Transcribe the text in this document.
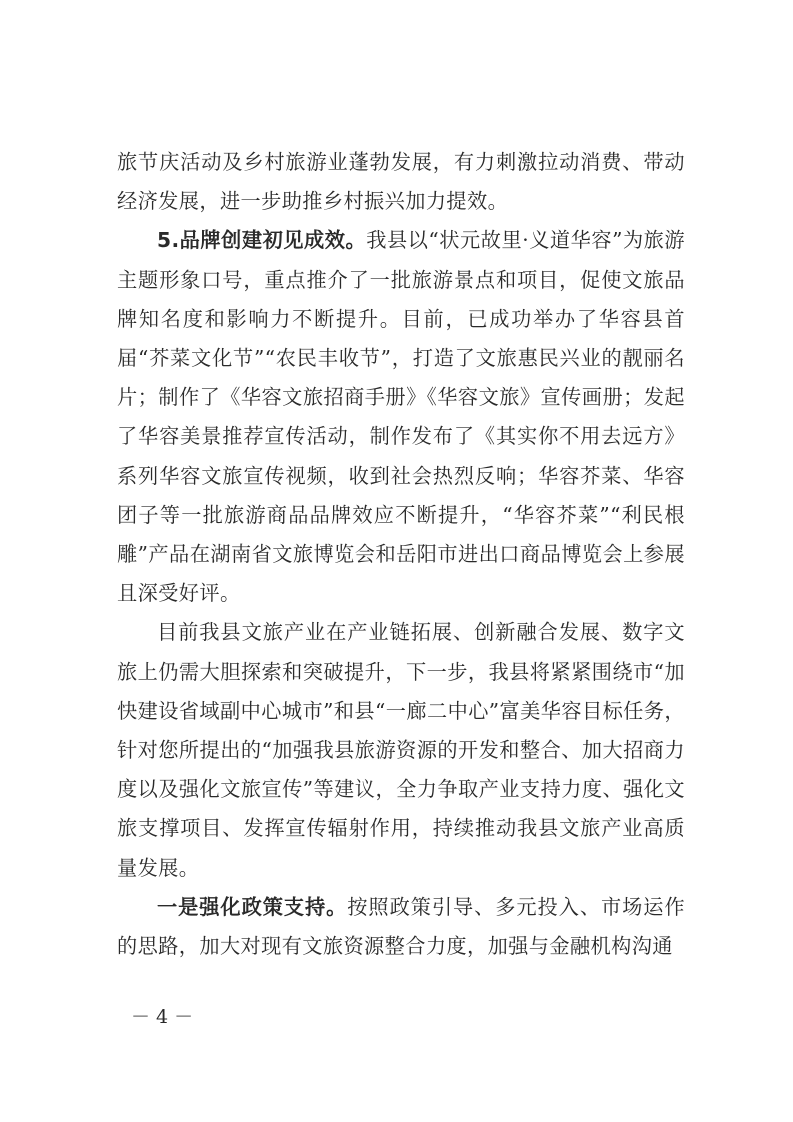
旅节庆活动及乡村旅游业蓬勃发展，有力刺激拉动消费、带动经济发展，进一步助推乡村振兴加力提效。

5.品牌创建初见成效。我县以“状元故里·义道华容”为旅游主题形象口号，重点推介了一批旅游景点和项目，促使文旅品牌知名度和影响力不断提升。目前，已成功举办了华容县首届“芥菜文化节”“农民丰收节”，打造了文旅惠民兴业的靓丽名片；制作了《华容文旅招商手册》《华容文旅》宣传画册；发起了华容美景推荐宣传活动，制作发布了《其实你不用去远方》系列华容文旅宣传视频，收到社会热烈反响；华容芥菜、华容团子等一批旅游商品品牌效应不断提升，“华容芥菜”“利民根雕”产品在湖南省文旅博览会和岳阳市进出口商品博览会上参展且深受好评。

目前我县文旅产业在产业链拓展、创新融合发展、数字文旅上仍需大胆探索和突破提升，下一步，我县将紧紧围绕市“加快建设省域副中心城市”和县“一廊二中心”富美华容目标任务，针对您所提出的“加强我县旅游资源的开发和整合、加大招商力度以及强化文旅宣传”等建议，全力争取产业支持力度、强化文旅支撑项目、发挥宣传辐射作用，持续推动我县文旅产业高质量发展。

一是强化政策支持。按照政策引导、多元投入、市场运作的思路，加大对现有文旅资源整合力度，加强与金融机构沟通

－ 4 －
